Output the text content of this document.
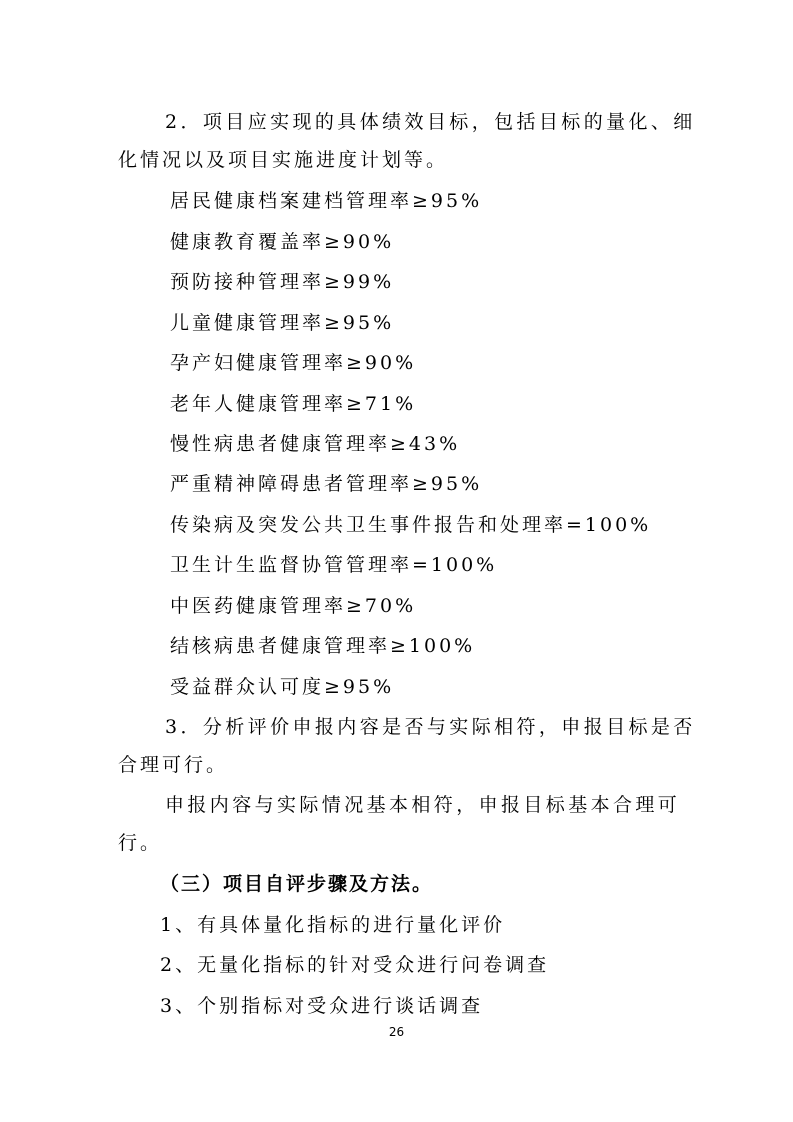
2．项目应实现的具体绩效目标，包括目标的量化、细

化情况以及项目实施进度计划等。

居民健康档案建档管理率≥95%

健康教育覆盖率≥90%

预防接种管理率≥99%

儿童健康管理率≥95%

孕产妇健康管理率≥90%

老年人健康管理率≥71%

慢性病患者健康管理率≥43%

严重精神障碍患者管理率≥95%

传染病及突发公共卫生事件报告和处理率=100%

卫生计生监督协管管理率=100%

中医药健康管理率≥70%

结核病患者健康管理率≥100%

受益群众认可度≥95%

3．分析评价申报内容是否与实际相符，申报目标是否

合理可行。

申报内容与实际情况基本相符，申报目标基本合理可

行。

（三）项目自评步骤及方法。

1、有具体量化指标的进行量化评价

2、无量化指标的针对受众进行问卷调查

3、个别指标对受众进行谈话调查

26
